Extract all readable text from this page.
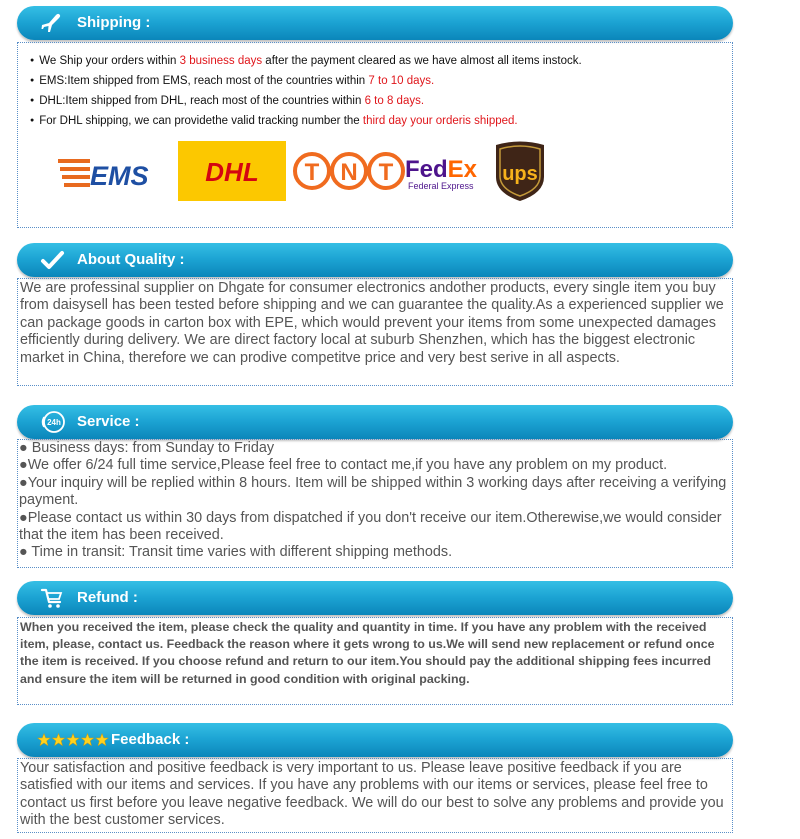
Shipping :
● We Ship your orders within 3 business days after the payment cleared as we have almost all items instock.
● EMS:Item shipped from EMS, reach most of the countries within 7 to 10 days.
● DHL:Item shipped from DHL, reach most of the countries within 6 to 8 days.
● For DHL shipping, we can providethe valid tracking number the third day your orderis shipped.
EMS DHL T N T FedEx
Federal Express
ups
About Quality :

We are professinal supplier on Dhgate for consumer electronics andother products, every single item you buy from daisysell has been tested before shipping and we can guarantee the quality.As a experienced supplier we can package goods in carton box with EPE, which would prevent your items from some unexpected damages efficiently during delivery. We are direct factory local at suburb Shenzhen, which has the biggest electronic market in China, therefore we can prodive competitve price and very best serive in all aspects.

24h Service :
● Business days: from Sunday to Friday
●We offer 6/24 full time service,Please feel free to contact me,if you have any problem on my product.
●Your inquiry will be replied within 8 hours. Item will be shipped within 3 working days after receiving a verifying payment.
●Please contact us within 30 days from dispatched if you don't receive our item.Otherewise,we would consider that the item has been received.
● Time in transit: Transit time varies with different shipping methods.
Refund :

When you received the item, please check the quality and quantity in time. If you have any problem with the received item, please, contact us. Feedback the reason where it gets wrong to us.We will send new replacement or refund once the item is received. If you choose refund and return to our item.You should pay the additional shipping fees incurred and ensure the item will be returned in good condition with original packing.

Feedback :

Your satisfaction and positive feedback is very important to us. Please leave positive feedback if you are satisfied with our items and services. If you have any problems with our items or services, please feel free to contact us first before you leave negative feedback. We will do our best to solve any problems and provide you with the best customer services.
